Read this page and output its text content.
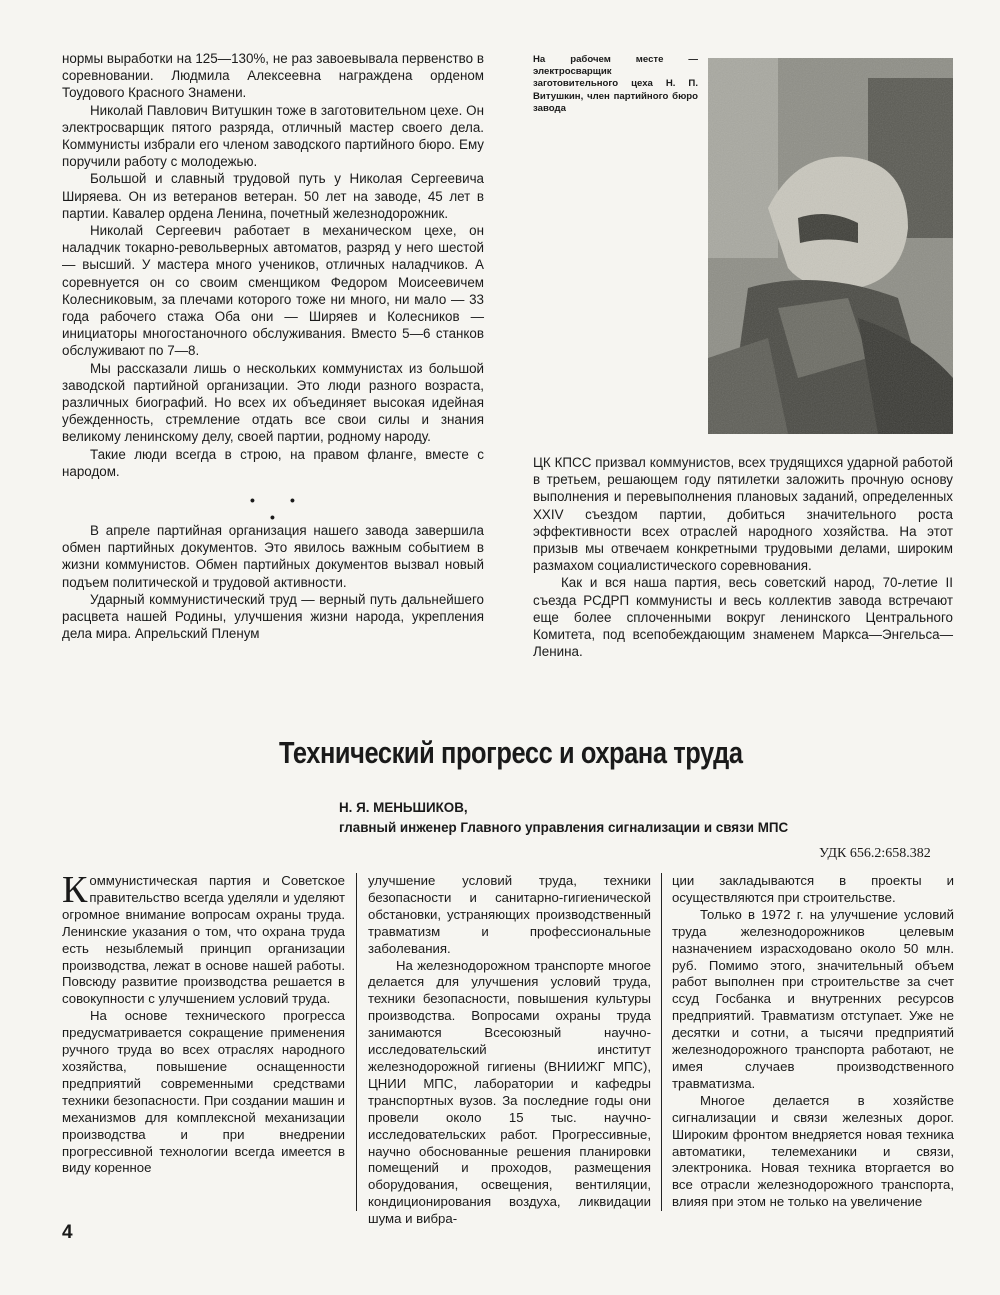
нормы выработки на 125—130%, не раз завоевывала первенство в соревновании. Людмила Алексеевна награждена орденом Тоудового Красного Знамени.

Николай Павлович Витушкин тоже в заготовительном цехе. Он электросварщик пятого разряда, отличный мастер своего дела. Коммунисты избрали его членом заводского партийного бюро. Ему поручили работу с молодежью.

Большой и славный трудовой путь у Николая Сергеевича Ширяева. Он из ветеранов ветеран. 50 лет на заводе, 45 лет в партии. Кавалер ордена Ленина, почетный железнодорожник.

Николай Сергеевич работает в механическом цехе, он наладчик токарно-револьверных автоматов, разряд у него шестой — высший. У мастера много учеников, отличных наладчиков. А соревнуется он со своим сменщиком Федором Моисеевичем Колесниковым, за плечами которого тоже ни много, ни мало — 33 года рабочего стажа Оба они — Ширяев и Колесников — инициаторы многостаночного обслуживания. Вместо 5—6 станков обслуживают по 7—8.

Мы рассказали лишь о нескольких коммунистах из большой заводской партийной организации. Это люди разного возраста, различных биографий. Но всех их объединяет высокая идейная убежденность, стремление отдать все свои силы и знания великому ленинскому делу, своей партии, родному народу.

Такие люди всегда в строю, на правом фланге, вместе с народом.

В апреле партийная организация нашего завода завершила обмен партийных документов. Это явилось важным событием в жизни коммунистов. Обмен партийных документов вызвал новый подъем политической и трудовой активности.

Ударный коммунистический труд — верный путь дальнейшего расцвета нашей Родины, улучшения жизни народа, укрепления дела мира. Апрельский Пленум

•	•
•
На рабочем месте — электросварщик заготовительного цеха Н. П. Витушкин, член партийного бюро завода

ЦК КПСС призвал коммунистов, всех трудящихся ударной работой в третьем, решающем году пятилетки заложить прочную основу выполнения и перевыполнения плановых заданий, определенных XXIV съездом партии, добиться значительного роста эффективности всех отраслей народного хозяйства. На этот призыв мы отвечаем конкретными трудовыми делами, широким размахом социалистического соревнования.

Как и вся наша партия, весь советский народ, 70-летие II съезда РСДРП коммунисты и весь коллектив завода встречают еще более сплоченными вокруг ленинского Центрального Комитета, под всепобеждающим знаменем Маркса—Энгельса—Ленина.

Технический прогресс и охрана труда
Н. Я. МЕНЬШИКОВ,
главный инженер Главного управления сигнализации и связи МПС
УДК 656.2:658.382

Коммунистическая партия и Советское правительство всегда уделяли и уделяют огромное внимание вопросам охраны труда. Ленинские указания о том, что охрана труда есть незыблемый принцип организации производства, лежат в основе нашей работы. Повсюду развитие производства решается в совокупности с улучшением условий труда.

На основе технического прогресса предусматривается сокращение применения ручного труда во всех отраслях народного хозяйства, повышение оснащенности предприятий современными средствами техники безопасности. При создании машин и механизмов для комплексной механизации производства и при внедрении прогрессивной технологии всегда имеется в виду коренное

улучшение условий труда, техники безопасности и санитарно-гигиенической обстановки, устраняющих производственный травматизм и профессиональные заболевания.

На железнодорожном транспорте многое делается для улучшения условий труда, техники безопасности, повышения культуры производства. Вопросами охраны труда занимаются Всесоюзный научно-исследовательский институт железнодорожной гигиены (ВНИИЖГ МПС), ЦНИИ МПС, лаборатории и кафедры транспортных вузов. За последние годы они провели около 15 тыс. научно-исследовательских работ. Прогрессивные, научно обоснованные решения планировки помещений и проходов, размещения оборудования, освещения, вентиляции, кондиционирования воздуха, ликвидации шума и вибра-

ции закладываются в проекты и осуществляются при строительстве.

Только в 1972 г. на улучшение условий труда железнодорожников целевым назначением израсходовано около 50 млн. руб. Помимо этого, значительный объем работ выполнен при строительстве за счет ссуд Госбанка и внутренних ресурсов предприятий. Травматизм отступает. Уже не десятки и сотни, а тысячи предприятий железнодорожного транспорта работают, не имея случаев производственного травматизма.

Многое делается в хозяйстве сигнализации и связи железных дорог. Широким фронтом внедряется новая техника автоматики, телемеханики и связи, электроника. Новая техника вторгается во все отрасли железнодорожного транспорта, влияя при этом не только на увеличение

4
